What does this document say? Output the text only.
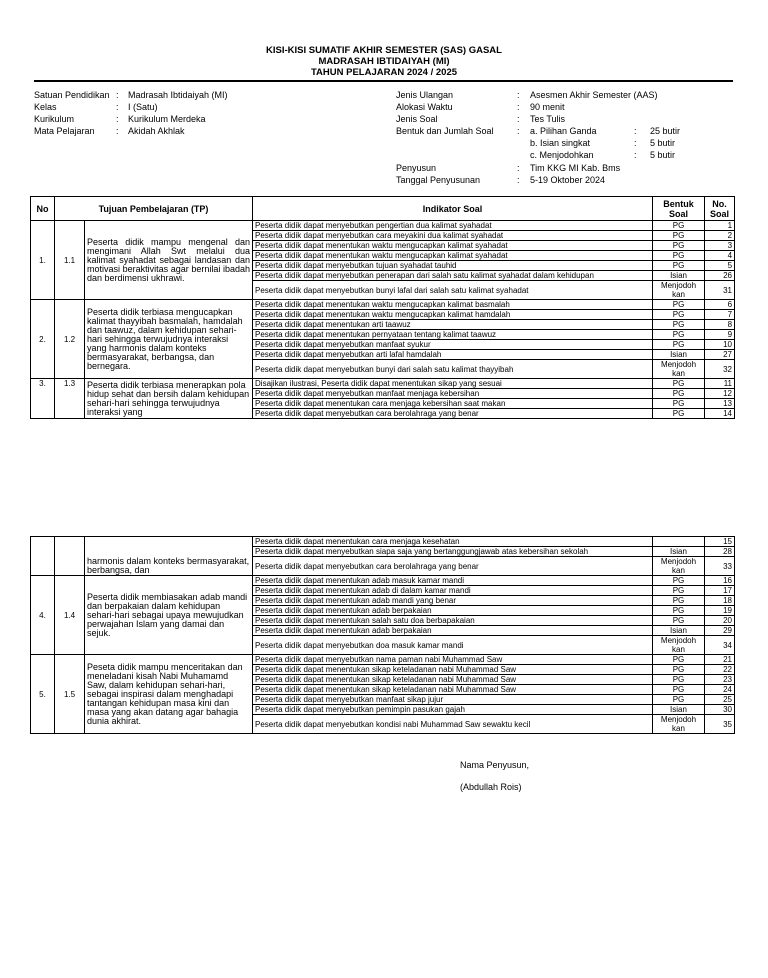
KISI-KISI SUMATIF AKHIR SEMESTER (SAS) GASAL
MADRASAH IBTIDAIYAH (MI)
TAHUN PELAJARAN 2024 / 2025
Satuan Pendidikan : Madrasah Ibtidaiyah (MI)
Kelas	: I (Satu)
Kurikulum	: Kurikulum Merdeka
Mata Pelajaran : Akidah Akhlak
Jenis Ulangan	: Asesmen Akhir Semester (AAS)
Alokasi Waktu	: 90 menit
Jenis Soal	: Tes Tulis
Bentuk dan Jumlah Soal	: a. Pilihan Ganda	: 25 butir
b. Isian singkat	: 5 butir
c. Menjodohkan	: 5 butir
Penyusun	: Tim KKG MI Kab. Bms
Tanggal Penyusunan	: 5-19 Oktober 2024
No	Tujuan Pembelajaran (TP)		Indikator Soal	Bentuk Soal	No. Soal
1.	1.1	Peserta didik mampu mengenal dan mengimani Allah Swt melalui dua kalimat syahadat sebagai landasan dan motivasi beraktivitas agar bernilai ibadah dan berdimensi ukhrawi.	Peserta didik dapat menyebutkan pengertian dua kalimat syahadat	PG	1
			Peserta didik dapat menyebutkan cara meyakini dua kalimat syahadat	PG	2
			Peserta didik dapat menentukan waktu mengucapkan kalimat syahadat	PG	3
			Peserta didik dapat menentukan waktu mengucapkan kalimat syahadat	PG	4
			Peserta didik dapat menyebutkan tujuan syahadat tauhid	PG	5
			Peserta didik dapat menyebutkan penerapan dari salah satu kalimat syahadat dalam kehidupan	Isian	26
			Peserta didik dapat menyebutkan bunyi lafal dari salah satu kalimat syahadat	Menjodoh kan	31
2.	1.2	Peserta didik terbiasa mengucapkan kalimat thayyibah basmalah, hamdalah dan taawuz, dalam kehidupan sehari-hari sehingga terwujudnya interaksi yang harmonis dalam konteks bermasyarakat, berbangsa, dan bernegara.	Peserta didik dapat menentukan waktu mengucapkan kalimat basmalah	PG	6
			Peserta didik dapat menentukan waktu mengucapkan kalimat hamdalah	PG	7
			Peserta didik dapat menentukan arti taawuz	PG	8
			Peserta didik dapat menentukan pernyataan tentang kalimat taawuz	PG	9
			Peserta didik dapat menyebutkan manfaat syukur	PG	10
			Peserta didik dapat menyebutkan arti lafal hamdalah	Isian	27
			Peserta didik dapat menyebutkan bunyi dari salah satu kalimat thayyibah	Menjodoh kan	32
3.	1.3	Peserta didik terbiasa menerapkan pola hidup sehat dan bersih dalam kehidupan sehari-hari sehingga terwujudnya interaksi yang	Disajikan ilustrasi, Peserta didik dapat menentukan sikap yang sesuai	PG	11
			Peserta didik dapat menyebutkan manfaat menjaga kebersihan	PG	12
			Peserta didik dapat menentukan cara menjaga kebersihan saat makan	PG	13
			Peserta didik dapat menyebutkan cara berolahraga yang benar	PG	14
		harmonis dalam konteks bermasyarakat, berbangsa, dan	Peserta didik dapat menentukan cara menjaga kesehatan		15
			Peserta didik dapat menyebutkan siapa saja yang bertanggungjawab atas kebersihan sekolah	Isian	28
			Peserta didik dapat menyebutkan cara berolahraga yang benar	Menjodoh kan	33
4.	1.4	Peserta didik membiasakan adab mandi dan berpakaian dalam kehidupan sehari-hari sebagai upaya mewujudkan perwajahan Islam yang damai dan sejuk.	Peserta didik dapat menentukan adab masuk kamar mandi	PG	16
			Peserta didik dapat menentukan adab di dalam kamar mandi	PG	17
			Peserta didik dapat menentukan adab mandi yang benar	PG	18
			Peserta didik dapat menentukan adab berpakaian	PG	19
			Peserta didik dapat menentukan salah satu doa berbapakaian	PG	20
			Peserta didik dapat menentukan adab berpakaian	Isian	29
			Peserta didik dapat menyebutkan doa masuk kamar mandi	Menjodoh kan	34
5.	1.5	Peseta didik mampu menceritakan dan meneladani kisah Nabi Muhamamd Saw, dalam kehidupan sehari-hari, sebagai inspirasi dalam menghadapi tantangan kehidupan masa kini dan masa yang akan datang agar bahagia dunia akhirat.	Peserta didik dapat menyebutkan nama paman nabi Muhammad Saw	PG	21
			Peserta didik dapat menentukan sikap keteladanan nabi Muhammad Saw	PG	22
			Peserta didik dapat menentukan sikap keteladanan nabi Muhammad Saw	PG	23
			Peserta didik dapat menentukan sikap keteladanan nabi Muhammad Saw	PG	24
			Peserta didik dapat menyebutkan manfaat sikap jujur	PG	25
			Peserta didik dapat menyebutkan pemimpin pasukan gajah	Isian	30
			Peserta didik dapat menyebutkan kondisi nabi Muhammad Saw sewaktu kecil	Menjodoh kan	35
Nama Penyusun,
(Abdullah Rois)
